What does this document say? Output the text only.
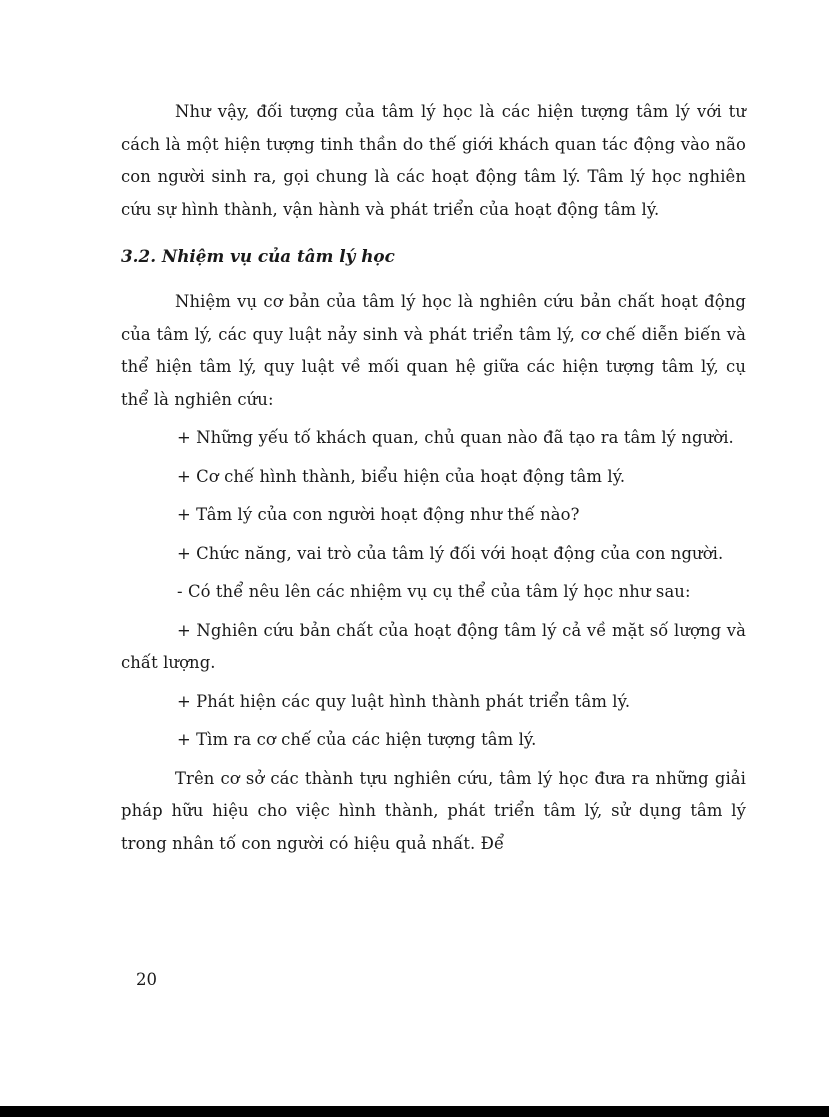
Như vậy, đối tượng của tâm lý học là các hiện tượng tâm lý với tư cách là một hiện tượng tinh thần do thế giới khách quan tác động vào não con người sinh ra, gọi chung là các hoạt động tâm lý. Tâm lý học nghiên cứu sự hình thành, vận hành và phát triển của hoạt động tâm lý.

3.2. Nhiệm vụ của tâm lý học

Nhiệm vụ cơ bản của tâm lý học là nghiên cứu bản chất hoạt động của tâm lý, các quy luật nảy sinh và phát triển tâm lý, cơ chế diễn biến và thể hiện tâm lý, quy luật về mối quan hệ giữa các hiện tượng tâm lý, cụ thể là nghiên cứu:

+ Những yếu tố khách quan, chủ quan nào đã tạo ra tâm lý người.

+ Cơ chế hình thành, biểu hiện của hoạt động tâm lý.

+ Tâm lý của con người hoạt động như thế nào?

+ Chức năng, vai trò của tâm lý đối với hoạt động của con người.

- Có thể nêu lên các nhiệm vụ cụ thể của tâm lý học như sau:

+ Nghiên cứu bản chất của hoạt động tâm lý cả về mặt số lượng và chất lượng.

+ Phát hiện các quy luật hình thành phát triển tâm lý.

+ Tìm ra cơ chế của các hiện tượng tâm lý.

Trên cơ sở các thành tựu nghiên cứu, tâm lý học đưa ra những giải pháp hữu hiệu cho việc hình thành, phát triển tâm lý, sử dụng tâm lý trong nhân tố con người có hiệu quả nhất. Để

20
